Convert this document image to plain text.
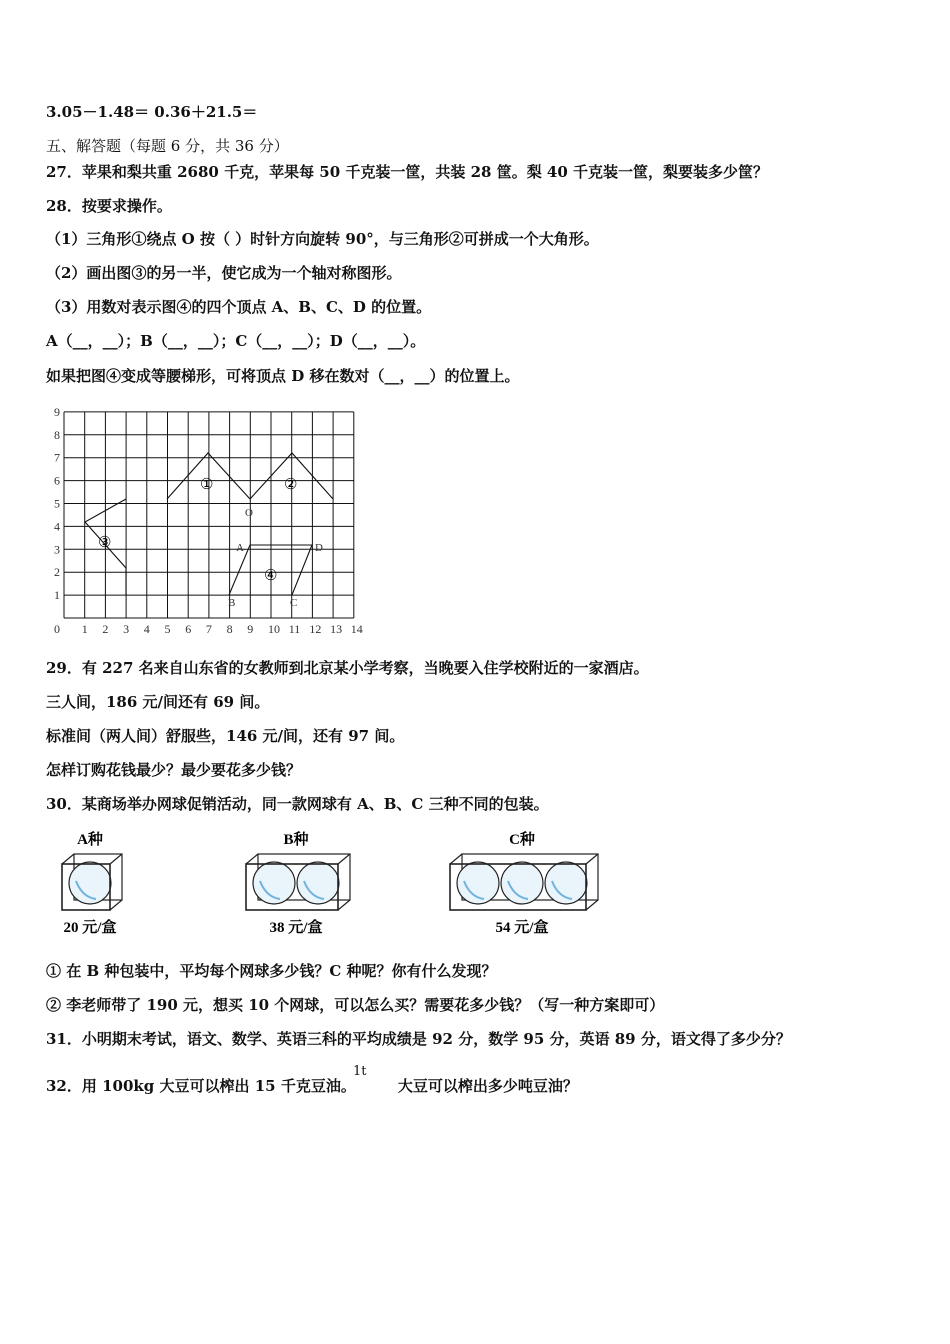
3.05－1.48＝ 0.36＋21.5＝
五、解答题（每题 6 分，共 36 分）
27．苹果和梨共重 2680 千克，苹果每 50 千克装一筐，共装 28 筐。梨 40 千克装一筐，梨要装多少筐？
28．按要求操作。
（1）三角形①绕点 O 按（ ）时针方向旋转 90°，与三角形②可拼成一个大角形。
（2）画出图③的另一半，使它成为一个轴对称图形。
（3）用数对表示图④的四个顶点 A、B、C、D 的位置。
A（__，__）；B（__，__）；C（__，__）；D（__，__）。
如果把图④变成等腰梯形，可将顶点 D 移在数对（__，__）的位置上。
0 1 2 3 4 5 6 7 8 9 10 11 12 13 14
1
2
3
4
5
6
7
8
9
①	②
③
④
O
A
B	C
D
29．有 227 名来自山东省的女教师到北京某小学考察，当晚要入住学校附近的一家酒店。
三人间，186 元/间还有 69 间。
标准间（两人间）舒服些，146 元/间，还有 97 间。
怎样订购花钱最少？最少要花多少钱？
30．某商场举办网球促销活动，同一款网球有 A、B、C 三种不同的包装。
A种
20 元/盒
B种
38 元/盒
C种
54 元/盒
① 在 B 种包装中，平均每个网球多少钱？C 种呢？你有什么发现？
② 李老师带了 190 元，想买 10 个网球，可以怎么买？需要花多少钱？（写一种方案即可）
31．小明期末考试，语文、数学、英语三科的平均成绩是 92 分，数学 95 分，英语 89 分，语文得了多少分？
32．用 100kg 大豆可以榨出 15 千克豆油。	大豆可以榨出多少吨豆油？
1t
